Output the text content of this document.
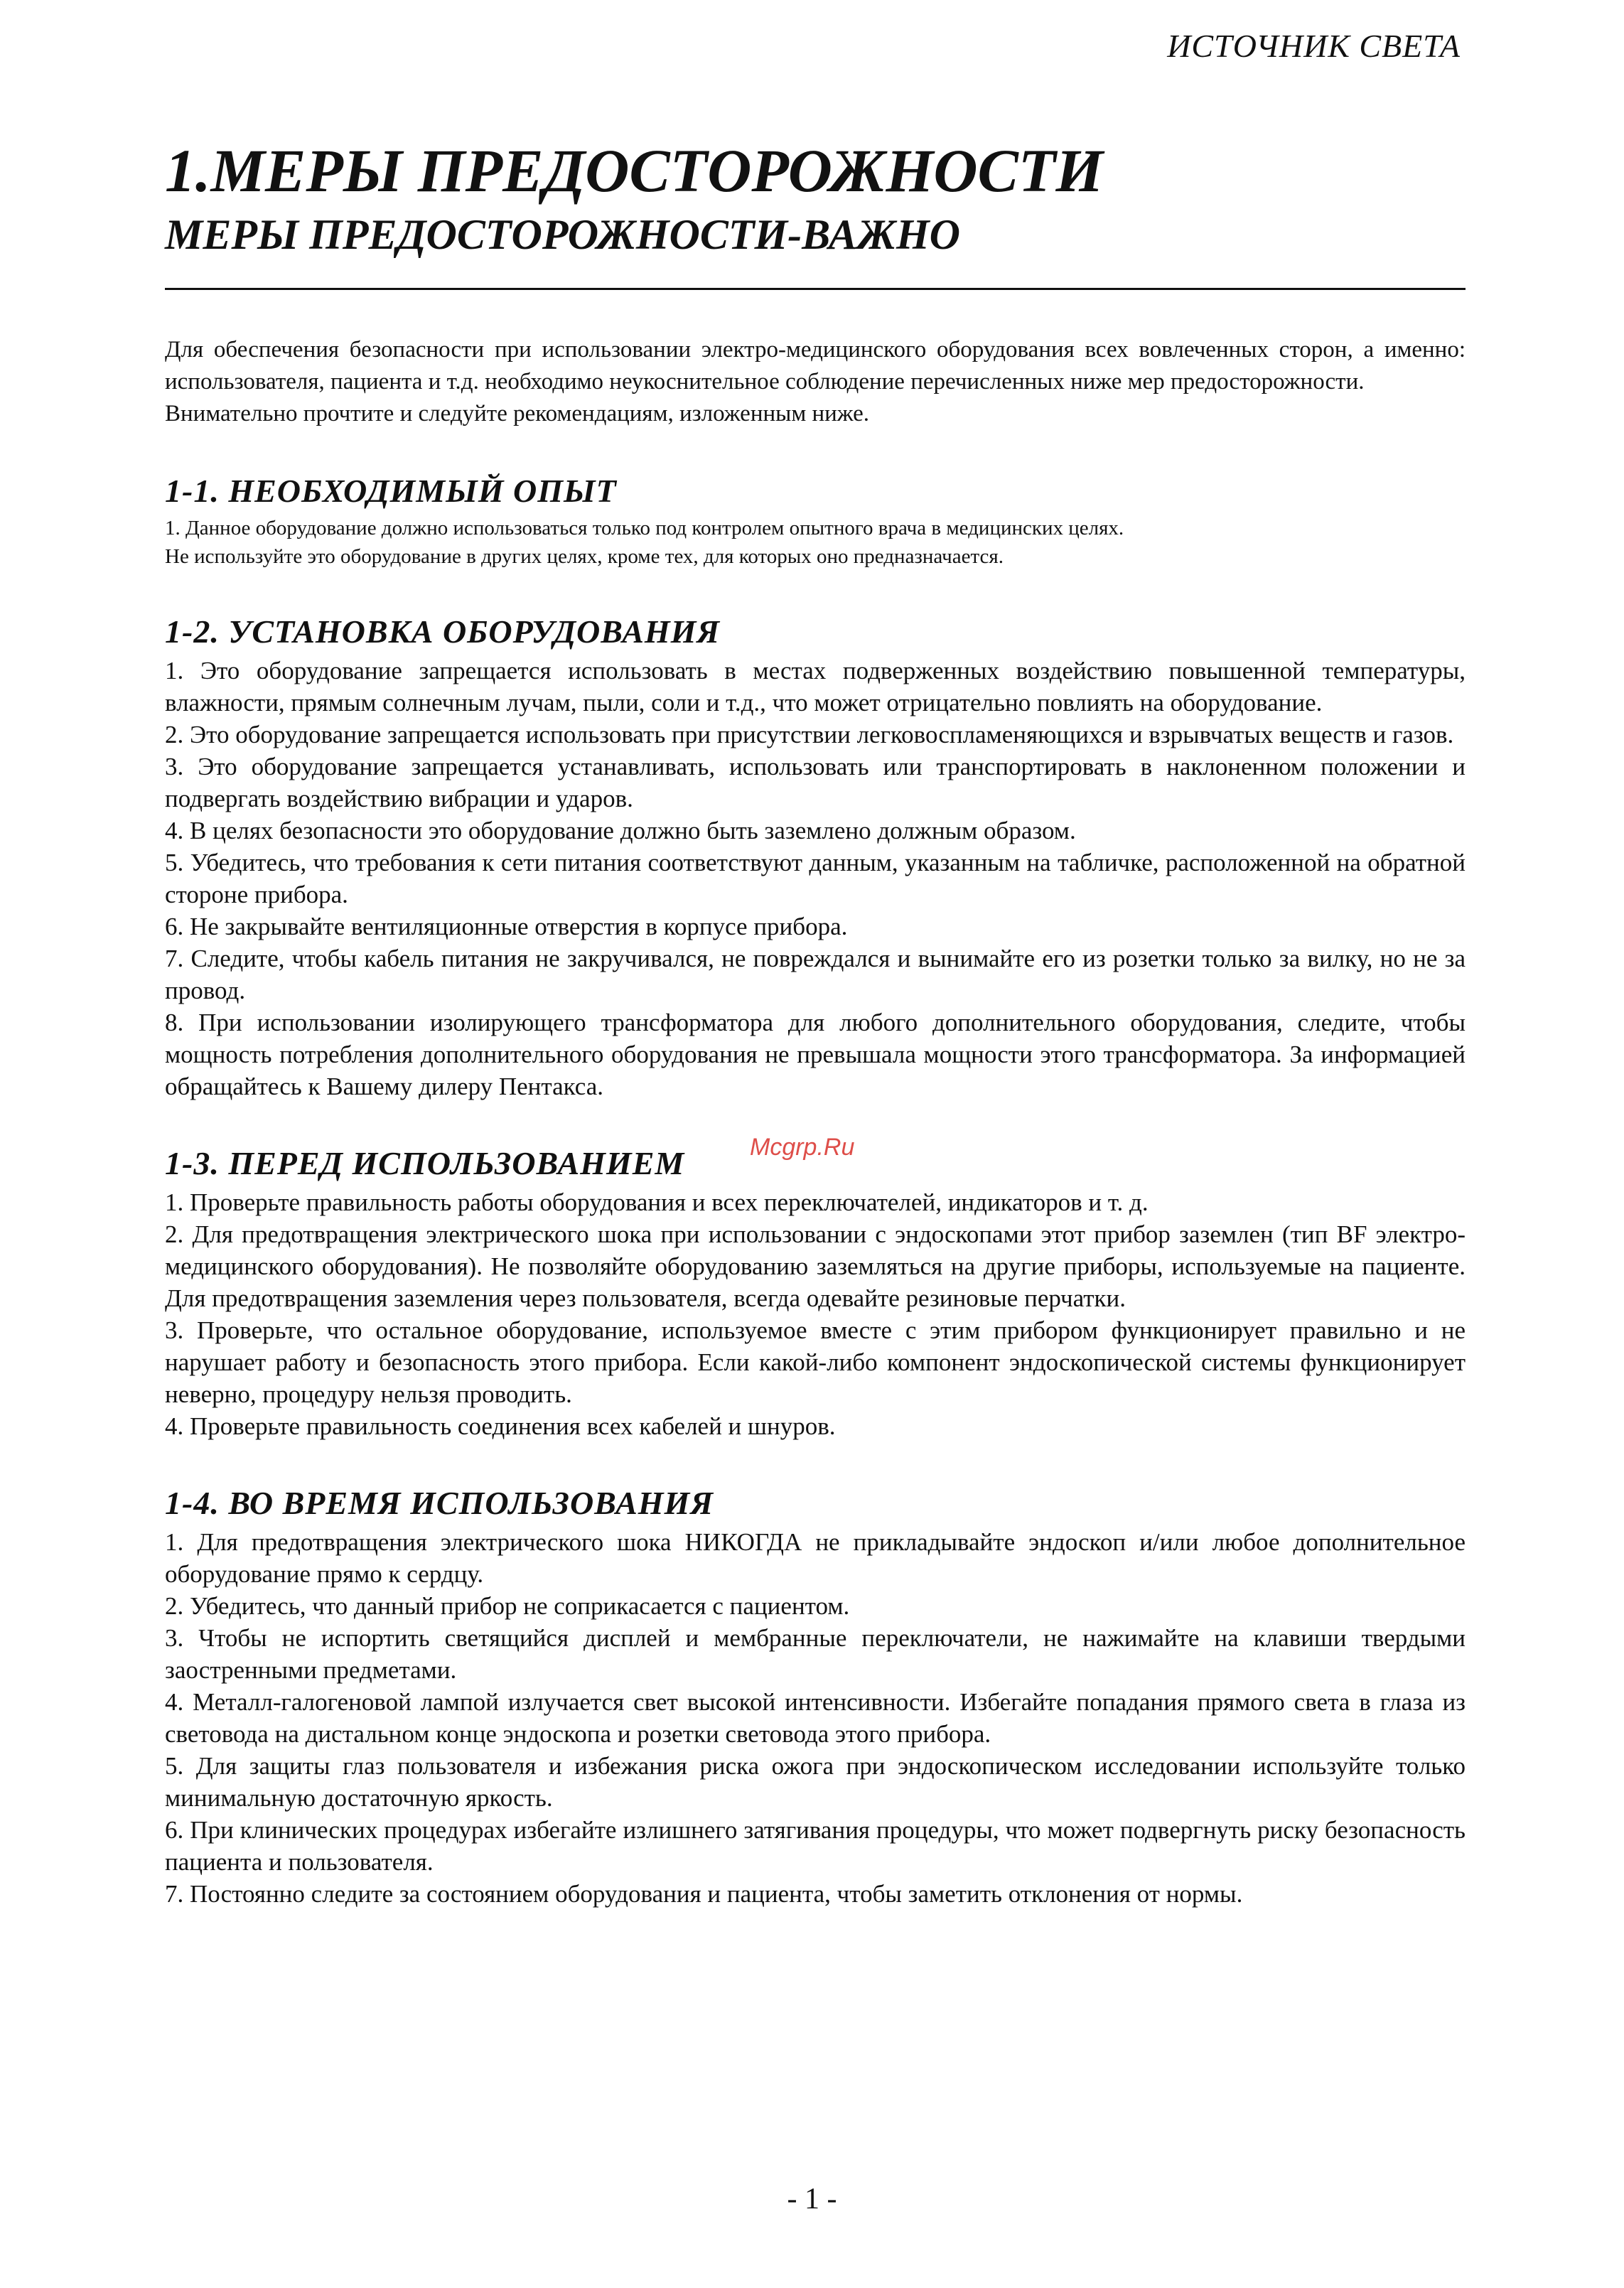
ИСТОЧНИК СВЕТА
1.МЕРЫ ПРЕДОСТОРОЖНОСТИ
МЕРЫ ПРЕДОСТОРОЖНОСТИ-ВАЖНО

Для обеспечения безопасности при использовании электро-медицинского оборудования всех вовлеченных сторон, а именно: использователя, пациента и т.д. необходимо неукоснительное соблюдение перечисленных ниже мер предосторожности.

Внимательно прочтите и следуйте рекомендациям, изложенным ниже.

1-1. НЕОБХОДИМЫЙ ОПЫТ

1. Данное оборудование должно использоваться только под контролем опытного врача в медицинских целях.

Не используйте это оборудование в других целях, кроме тех, для которых оно предназначается.

1-2. УСТАНОВКА ОБОРУДОВАНИЯ

1. Это оборудование запрещается использовать в местах подверженных воздействию повышенной температуры, влажности, прямым солнечным лучам, пыли, соли и т.д., что может отрицательно повлиять на оборудование.

2. Это оборудование запрещается использовать при присутствии легковоспламеняющихся и взрывчатых веществ и газов.

3. Это оборудование запрещается устанавливать, использовать или транспортировать в наклоненном положении и подвергать воздействию вибрации и ударов.

4. В целях безопасности это оборудование должно быть заземлено должным образом.

5. Убедитесь, что требования к сети питания соответствуют данным, указанным на табличке, расположенной на обратной стороне прибора.

6. Не закрывайте вентиляционные отверстия в корпусе прибора.

7. Следите, чтобы кабель питания не закручивался, не повреждался и вынимайте его из розетки только за вилку, но не за провод.

8. При использовании изолирующего трансформатора для любого дополнительного оборудования, следите, чтобы мощность потребления дополнительного оборудования не превышала мощности этого трансформатора. За информацией обращайтесь к Вашему дилеру Пентакса.

1-3. ПЕРЕД ИСПОЛЬЗОВАНИЕМ

1. Проверьте правильность работы оборудования и всех переключателей, индикаторов и т. д.

2. Для предотвращения электрического шока при использовании с эндоскопами этот прибор заземлен (тип BF электро-медицинского оборудования). Не позволяйте оборудованию заземляться на другие приборы, используемые на пациенте. Для предотвращения заземления через пользователя, всегда одевайте резиновые перчатки.

3. Проверьте, что остальное оборудование, используемое вместе с этим прибором функционирует правильно и не нарушает работу и безопасность этого прибора. Если какой-либо компонент эндоскопической системы функционирует неверно, процедуру нельзя проводить.

4. Проверьте правильность соединения всех кабелей и шнуров.

1-4. ВО ВРЕМЯ ИСПОЛЬЗОВАНИЯ

1. Для предотвращения электрического шока НИКОГДА не прикладывайте эндоскоп и/или любое дополнительное оборудование прямо к сердцу.

2. Убедитесь, что данный прибор не соприкасается с пациентом.

3. Чтобы не испортить светящийся дисплей и мембранные переключатели, не нажимайте на клавиши твердыми заостренными предметами.

4. Металл-галогеновой лампой излучается свет высокой интенсивности. Избегайте попадания прямого света в глаза из световода на дистальном конце эндоскопа и розетки световода этого прибора.

5. Для защиты глаз пользователя и избежания риска ожога при эндоскопическом исследовании используйте только минимальную достаточную яркость.

6. При клинических процедурах избегайте излишнего затягивания процедуры, что может подвергнуть риску безопасность пациента и пользователя.

7. Постоянно следите за состоянием оборудования и пациента, чтобы заметить отклонения от нормы.

Mcgrp.Ru
- 1 -
